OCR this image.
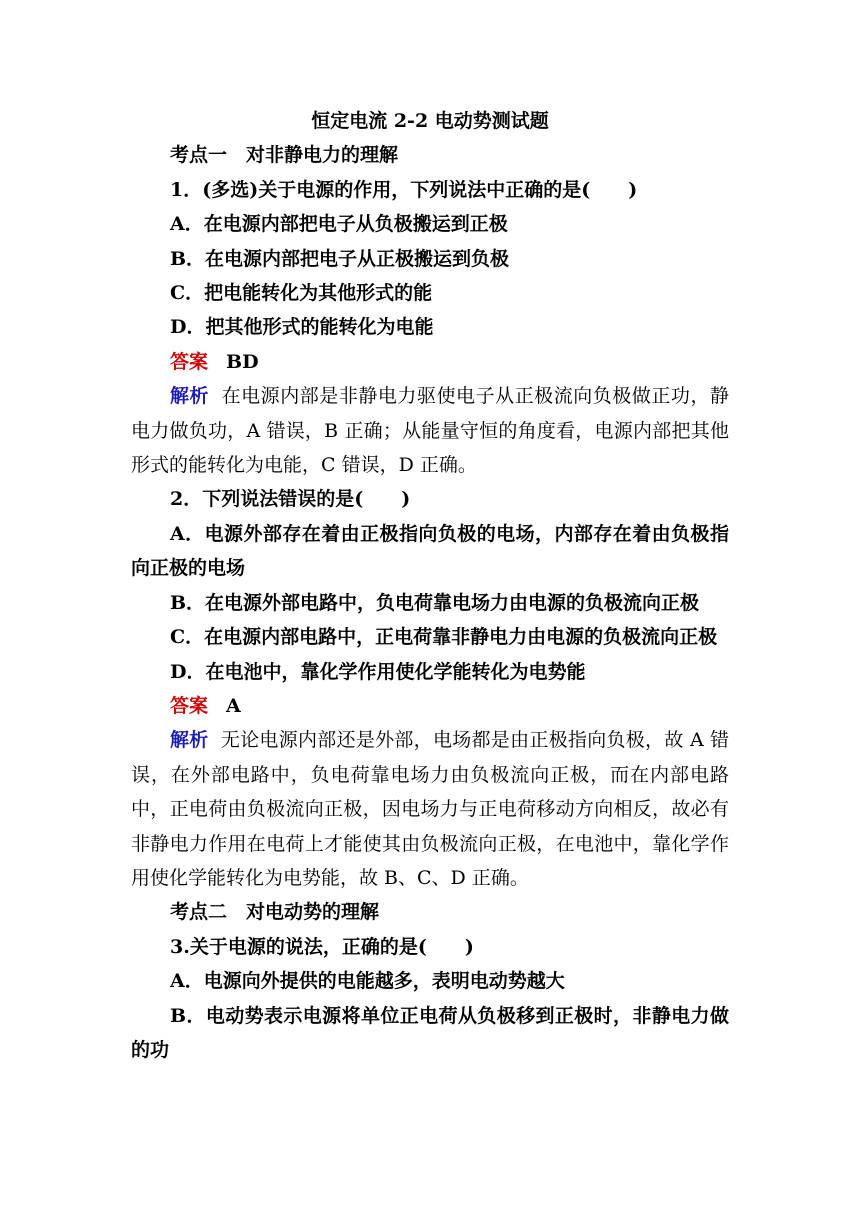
恒定电流 2-2 电动势测试题

考点一　对非静电力的理解

1．(多选)关于电源的作用，下列说法中正确的是(　　)

A．在电源内部把电子从负极搬运到正极

B．在电源内部把电子从正极搬运到负极

C．把电能转化为其他形式的能

D．把其他形式的能转化为电能

答案 BD

解析 在电源内部是非静电力驱使电子从正极流向负极做正功，静电力做负功，A 错误，B 正确；从能量守恒的角度看，电源内部把其他形式的能转化为电能，C 错误，D 正确。

2．下列说法错误的是(　　)

A．电源外部存在着由正极指向负极的电场，内部存在着由负极指向正极的电场

B．在电源外部电路中，负电荷靠电场力由电源的负极流向正极

C．在电源内部电路中，正电荷靠非静电力由电源的负极流向正极

D．在电池中，靠化学作用使化学能转化为电势能

答案 A

解析 无论电源内部还是外部，电场都是由正极指向负极，故 A 错误，在外部电路中，负电荷靠电场力由负极流向正极，而在内部电路中，正电荷由负极流向正极，因电场力与正电荷移动方向相反，故必有非静电力作用在电荷上才能使其由负极流向正极，在电池中，靠化学作用使化学能转化为电势能，故 B、C、D 正确。

考点二　对电动势的理解

3.关于电源的说法，正确的是(　　)

A．电源向外提供的电能越多，表明电动势越大

B．电动势表示电源将单位正电荷从负极移到正极时，非静电力做的功
